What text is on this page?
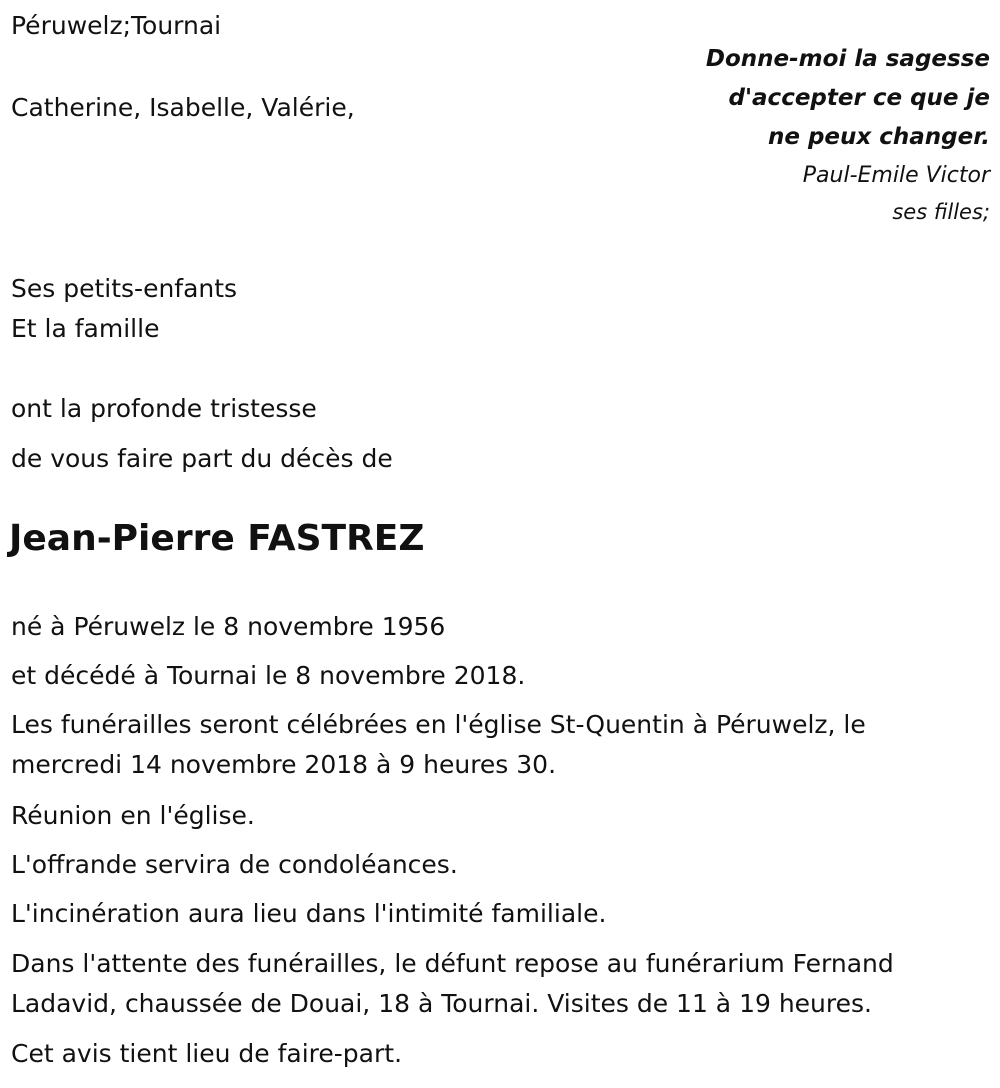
Péruwelz;Tournai
Catherine, Isabelle, Valérie,

Donne-moi la sagesse d'accepter ce que je ne peux changer.

Paul-Emile Victor

ses filles;

Ses petits-enfants
Et la famille
ont la profonde tristesse
de vous faire part du décès de
Jean-Pierre FASTREZ
né à Péruwelz le 8 novembre 1956
et décédé à Tournai le 8 novembre 2018.
Les funérailles seront célébrées en l'église St-Quentin à Péruwelz, le mercredi 14 novembre 2018 à 9 heures 30.
Réunion en l'église.
L'offrande servira de condoléances.
L'incinération aura lieu dans l'intimité familiale.
Dans l'attente des funérailles, le défunt repose au funérarium Fernand Ladavid, chaussée de Douai, 18 à Tournai. Visites de 11 à 19 heures.
Cet avis tient lieu de faire-part.
